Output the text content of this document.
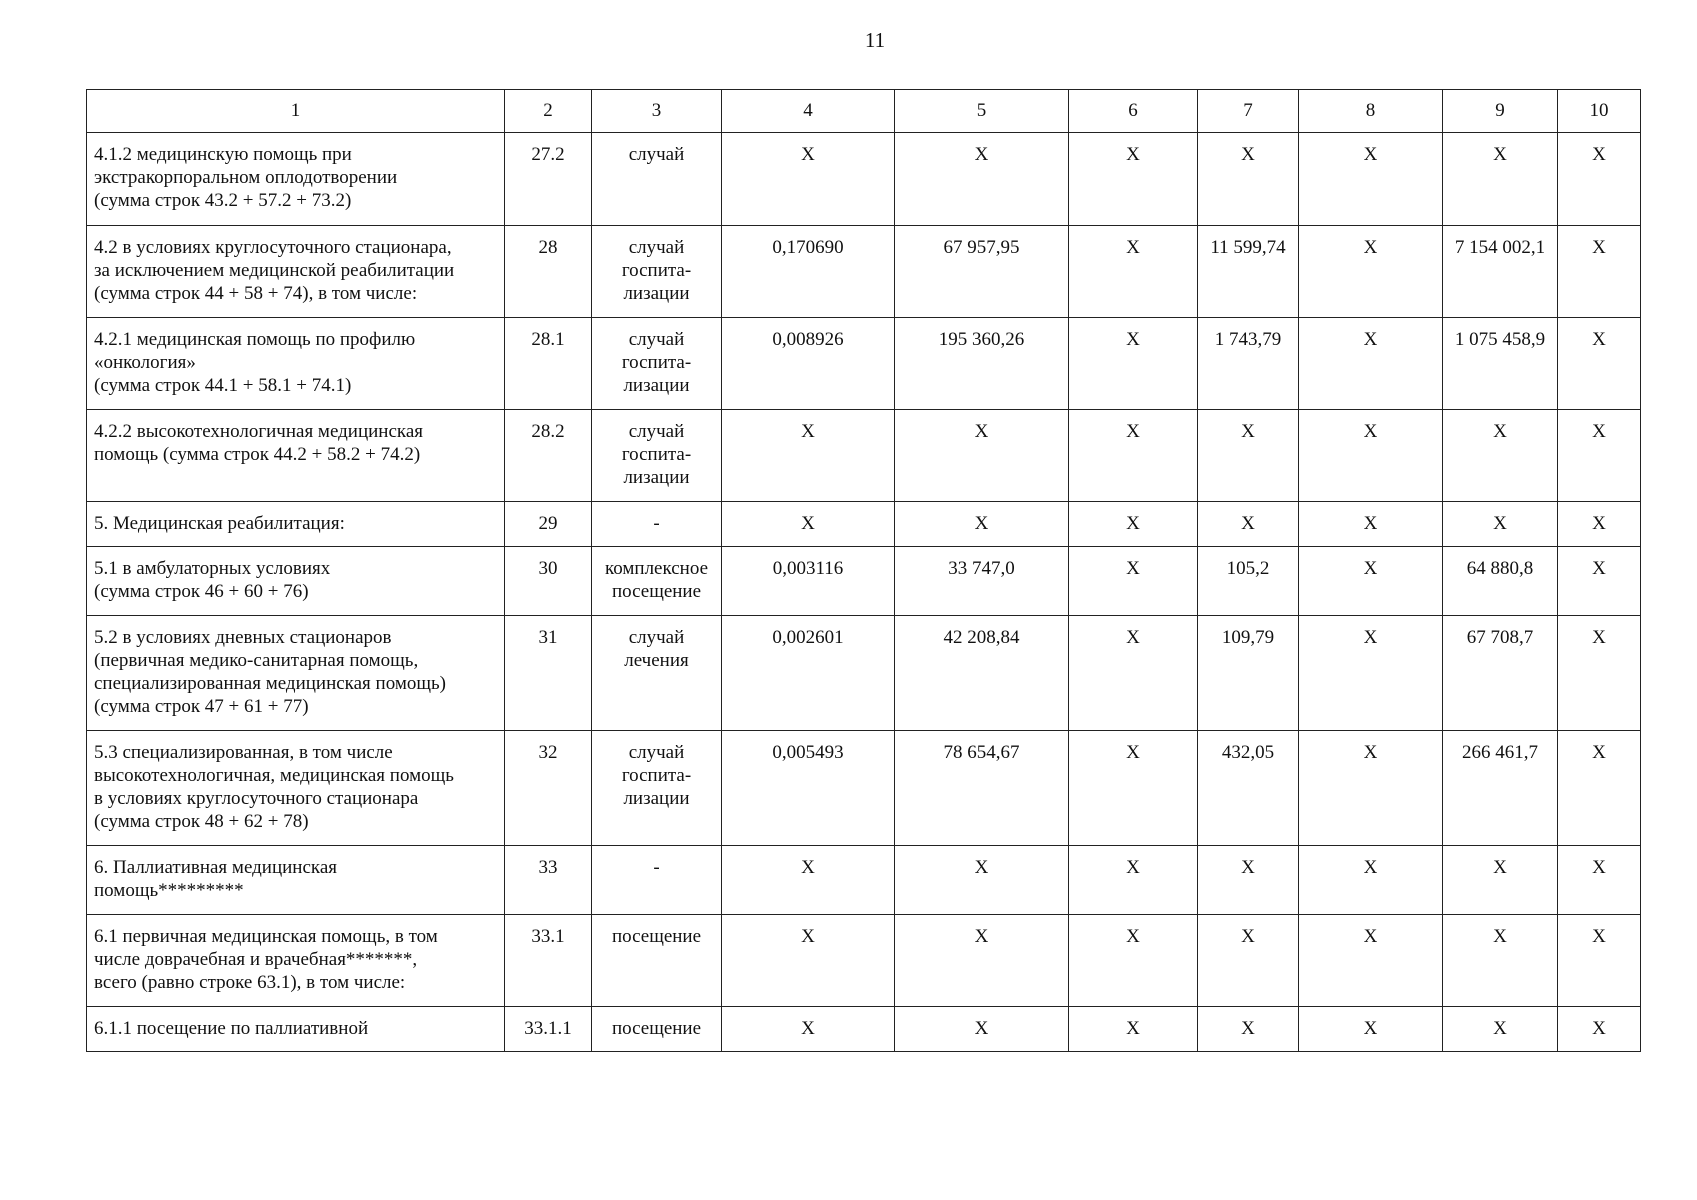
11
1	2	3	4	5	6	7	8	9	10
4.1.2 медицинскую помощь при
экстракорпоральном оплодотворении
(сумма строк 43.2 + 57.2 + 73.2)	27.2	случай	X	X	X	X	X	X	X
4.2 в условиях круглосуточного стационара,
за исключением медицинской реабилитации
(сумма строк 44 + 58 + 74), в том числе:	28	случай
госпита-
лизации	0,170690	67 957,95	X	11 599,74	X	7 154 002,1	X
4.2.1 медицинская помощь по профилю
«онкология»
(сумма строк 44.1 + 58.1 + 74.1)	28.1	случай
госпита-
лизации	0,008926	195 360,26	X	1 743,79	X	1 075 458,9	X
4.2.2 высокотехнологичная медицинская
помощь (сумма строк 44.2 + 58.2 + 74.2)	28.2	случай
госпита-
лизации	X	X	X	X	X	X	X
5. Медицинская реабилитация:	29	-	X	X	X	X	X	X	X
5.1 в амбулаторных условиях
(сумма строк 46 + 60 + 76)	30	комплексное
посещение	0,003116	33 747,0	X	105,2	X	64 880,8	X
5.2 в условиях дневных стационаров
(первичная медико-санитарная помощь,
специализированная медицинская помощь)
(сумма строк 47 + 61 + 77)	31	случай
лечения	0,002601	42 208,84	X	109,79	X	67 708,7	X
5.3 специализированная, в том числе
высокотехнологичная, медицинская помощь
в условиях круглосуточного стационара
(сумма строк 48 + 62 + 78)	32	случай
госпита-
лизации	0,005493	78 654,67	X	432,05	X	266 461,7	X
6. Паллиативная медицинская
помощь*********	33	-	X	X	X	X	X	X	X
6.1 первичная медицинская помощь, в том
числе доврачебная и врачебная*******,
всего (равно строке 63.1), в том числе:	33.1	посещение	X	X	X	X	X	X	X
6.1.1 посещение по паллиативной	33.1.1	посещение	X	X	X	X	X	X	X
